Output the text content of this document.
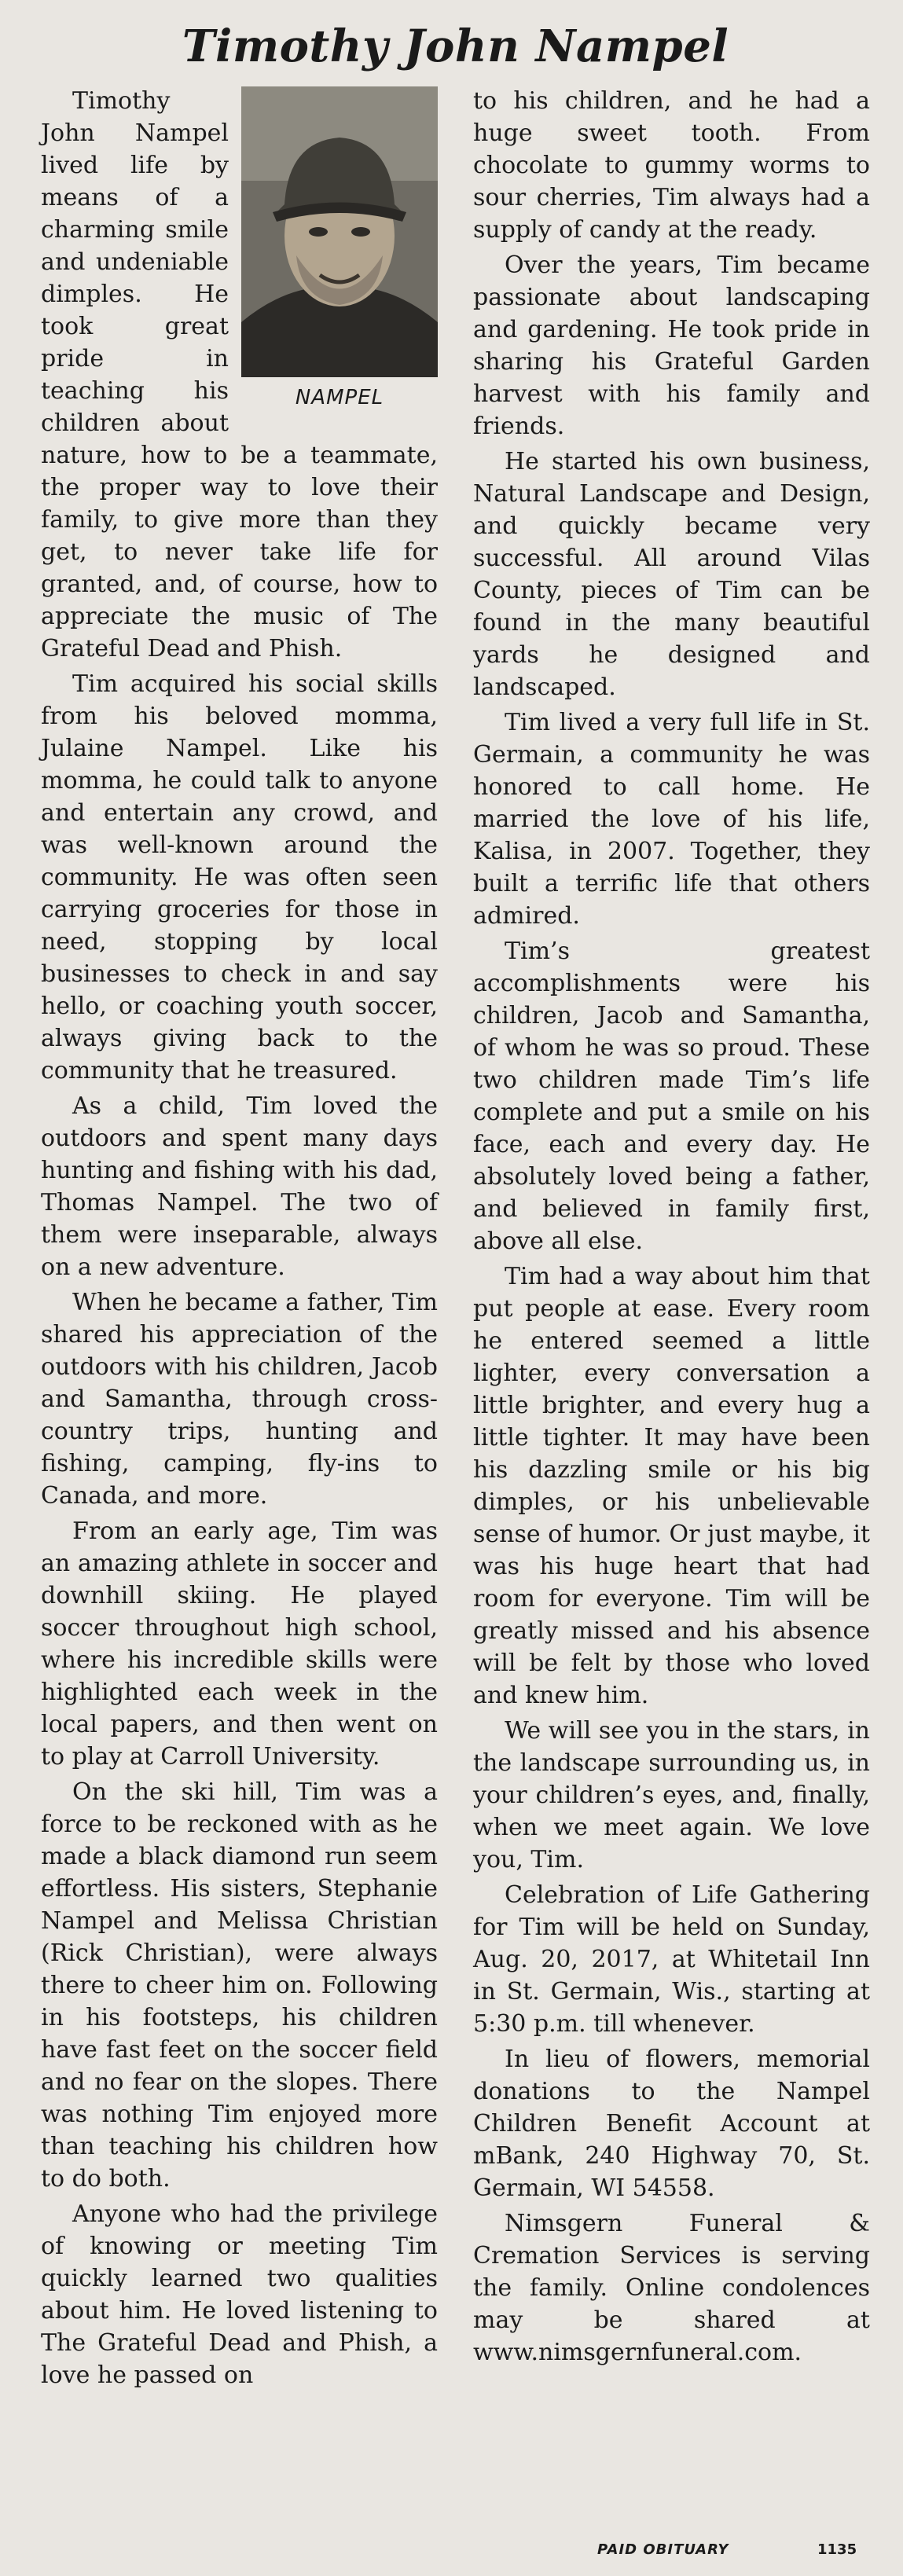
Timothy John Nampel
NAMPEL

Timothy John Nampel lived life by means of a charming smile and undeniable dimples. He took great pride in teaching his children about nature, how to be a teammate, the proper way to love their family, to give more than they get, to never take life for granted, and, of course, how to appreciate the music of The Grateful Dead and Phish.

Tim acquired his social skills from his beloved momma, Julaine Nampel. Like his momma, he could talk to anyone and entertain any crowd, and was well-known around the community. He was often seen carrying groceries for those in need, stopping by local businesses to check in and say hello, or coaching youth soccer, always giving back to the community that he treasured.

As a child, Tim loved the outdoors and spent many days hunting and fishing with his dad, Thomas Nampel. The two of them were inseparable, always on a new adventure.

When he became a father, Tim shared his appreciation of the outdoors with his children, Jacob and Samantha, through cross-country trips, hunting and fishing, camping, fly-ins to Canada, and more.

From an early age, Tim was an amazing athlete in soccer and downhill skiing. He played soccer throughout high school, where his incredible skills were highlighted each week in the local papers, and then went on to play at Carroll University.

On the ski hill, Tim was a force to be reckoned with as he made a black diamond run seem effortless. His sisters, Stephanie Nampel and Melissa Christian (Rick Christian), were always there to cheer him on. Following in his footsteps, his children have fast feet on the soccer field and no fear on the slopes. There was nothing Tim enjoyed more than teaching his children how to do both.

Anyone who had the privilege of knowing or meeting Tim quickly learned two qualities about him. He loved listening to The Grateful Dead and Phish, a love he passed on

to his children, and he had a huge sweet tooth. From chocolate to gummy worms to sour cherries, Tim always had a supply of candy at the ready.

Over the years, Tim became passionate about landscaping and gardening. He took pride in sharing his Grateful Garden harvest with his family and friends.

He started his own business, Natural Landscape and Design, and quickly became very successful. All around Vilas County, pieces of Tim can be found in the many beautiful yards he designed and landscaped.

Tim lived a very full life in St. Germain, a community he was honored to call home. He married the love of his life, Kalisa, in 2007. Together, they built a terrific life that others admired.

Tim’s greatest accomplishments were his children, Jacob and Samantha, of whom he was so proud. These two children made Tim’s life complete and put a smile on his face, each and every day. He absolutely loved being a father, and believed in family first, above all else.

Tim had a way about him that put people at ease. Every room he entered seemed a little lighter, every conversation a little brighter, and every hug a little tighter. It may have been his dazzling smile or his big dimples, or his unbelievable sense of humor. Or just maybe, it was his huge heart that had room for everyone. Tim will be greatly missed and his absence will be felt by those who loved and knew him.

We will see you in the stars, in the landscape surrounding us, in your children’s eyes, and, finally, when we meet again. We love you, Tim.

Celebration of Life Gathering for Tim will be held on Sunday, Aug. 20, 2017, at Whitetail Inn in St. Germain, Wis., starting at 5:30 p.m. till whenever.

In lieu of flowers, memorial donations to the Nampel Children Benefit Account at mBank, 240 Highway 70, St. Germain, WI 54558.

Nimsgern Funeral & Cremation Services is serving the family. Online condolences may be shared at www.nimsgernfuneral.com.

PAID OBITUARY	1135
